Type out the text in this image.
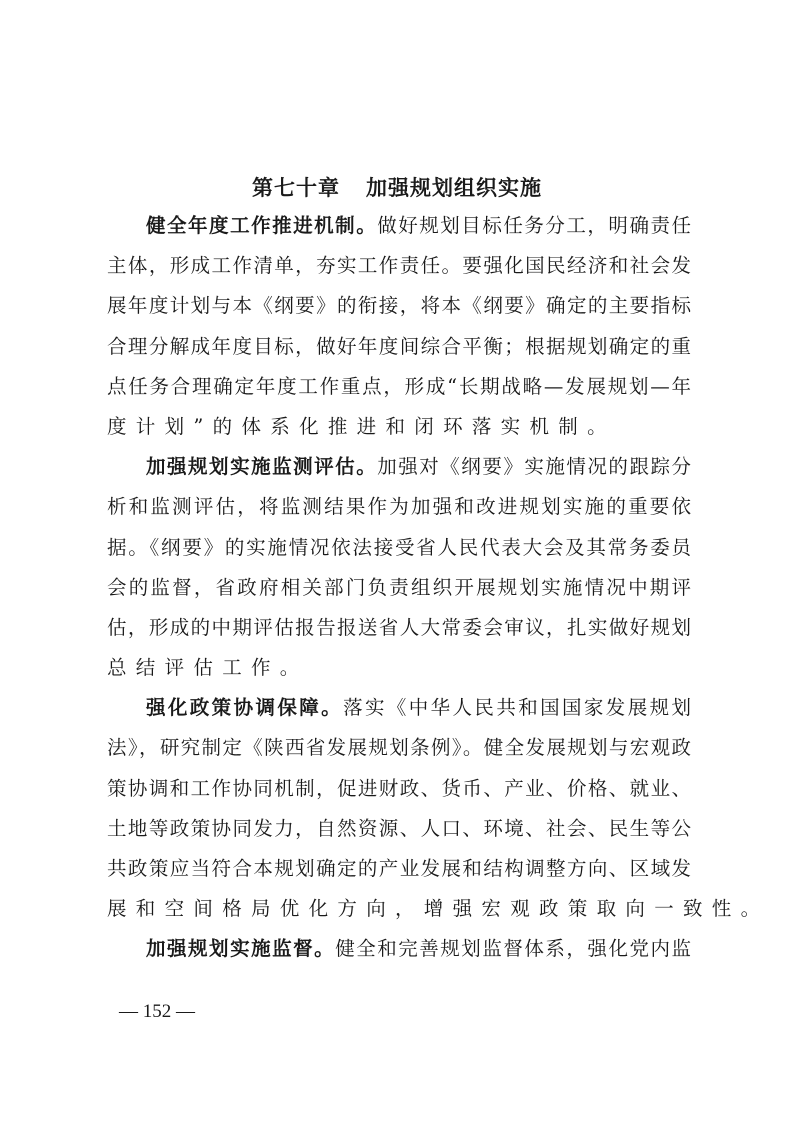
第七十章 加强规划组织实施
健全年度工作推进机制。做好规划目标任务分工，明确责任
主体，形成工作清单，夯实工作责任。要强化国民经济和社会发
展年度计划与本《纲要》的衔接，将本《纲要》确定的主要指标
合理分解成年度目标，做好年度间综合平衡；根据规划确定的重
点任务合理确定年度工作重点，形成“长期战略—发展规划—年
度计划”的体系化推进和闭环落实机制。
加强规划实施监测评估。加强对《纲要》实施情况的跟踪分
析和监测评估，将监测结果作为加强和改进规划实施的重要依
据。《纲要》的实施情况依法接受省人民代表大会及其常务委员
会的监督，省政府相关部门负责组织开展规划实施情况中期评
估，形成的中期评估报告报送省人大常委会审议，扎实做好规划
总结评估工作。
强化政策协调保障。落实《中华人民共和国国家发展规划
法》，研究制定《陕西省发展规划条例》。健全发展规划与宏观政
策协调和工作协同机制，促进财政、货币、产业、价格、就业、
土地等政策协同发力，自然资源、人口、环境、社会、民生等公
共政策应当符合本规划确定的产业发展和结构调整方向、区域发
展和空间格局优化方向，增强宏观政策取向一致性。
加强规划实施监督。健全和完善规划监督体系，强化党内监
— 152 —
